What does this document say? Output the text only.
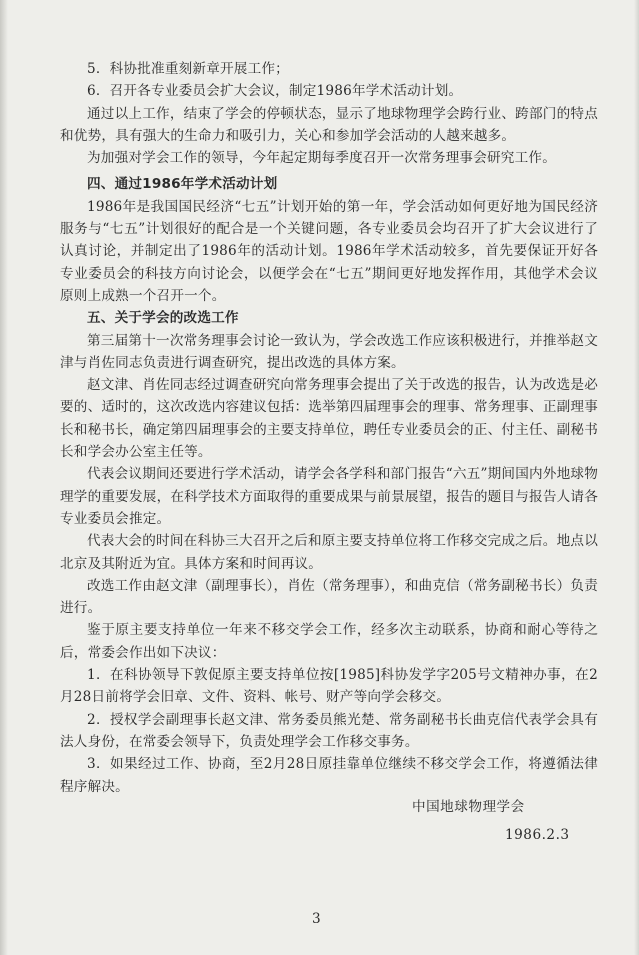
5．科协批准重刻新章开展工作；

6．召开各专业委员会扩大会议，制定1986年学术活动计划。

通过以上工作，结束了学会的停顿状态，显示了地球物理学会跨行业、跨部门的特点和优势，具有强大的生命力和吸引力，关心和参加学会活动的人越来越多。

为加强对学会工作的领导，今年起定期每季度召开一次常务理事会研究工作。

四、通过1986年学术活动计划

1986年是我国国民经济“七五”计划开始的第一年，学会活动如何更好地为国民经济服务与“七五”计划很好的配合是一个关键问题，各专业委员会均召开了扩大会议进行了认真讨论，并制定出了1986年的活动计划。1986年学术活动较多，首先要保证开好各专业委员会的科技方向讨论会，以便学会在“七五”期间更好地发挥作用，其他学术会议原则上成熟一个召开一个。

五、关于学会的改选工作

第三届第十一次常务理事会讨论一致认为，学会改选工作应该积极进行，并推举赵文津与肖佐同志负责进行调查研究，提出改选的具体方案。

赵文津、肖佐同志经过调查研究向常务理事会提出了关于改选的报告，认为改选是必要的、适时的，这次改选内容建议包括：选举第四届理事会的理事、常务理事、正副理事长和秘书长，确定第四届理事会的主要支持单位，聘任专业委员会的正、付主任、副秘书长和学会办公室主任等。

代表会议期间还要进行学术活动，请学会各学科和部门报告“六五”期间国内外地球物理学的重要发展，在科学技术方面取得的重要成果与前景展望，报告的题目与报告人请各专业委员会推定。

代表大会的时间在科协三大召开之后和原主要支持单位将工作移交完成之后。地点以北京及其附近为宜。具体方案和时间再议。

改选工作由赵文津（副理事长），肖佐（常务理事），和曲克信（常务副秘书长）负责进行。

鉴于原主要支持单位一年来不移交学会工作，经多次主动联系，协商和耐心等待之后，常委会作出如下决议：

1．在科协领导下敦促原主要支持单位按[1985]科协发学字205号文精神办事，在2月28日前将学会旧章、文件、资料、帐号、财产等向学会移交。

2．授权学会副理事长赵文津、常务委员熊光楚、常务副秘书长曲克信代表学会具有法人身份，在常委会领导下，负责处理学会工作移交事务。

3．如果经过工作、协商，至2月28日原挂靠单位继续不移交学会工作，将遵循法律程序解决。

中国地球物理学会

1986.2.3

3
